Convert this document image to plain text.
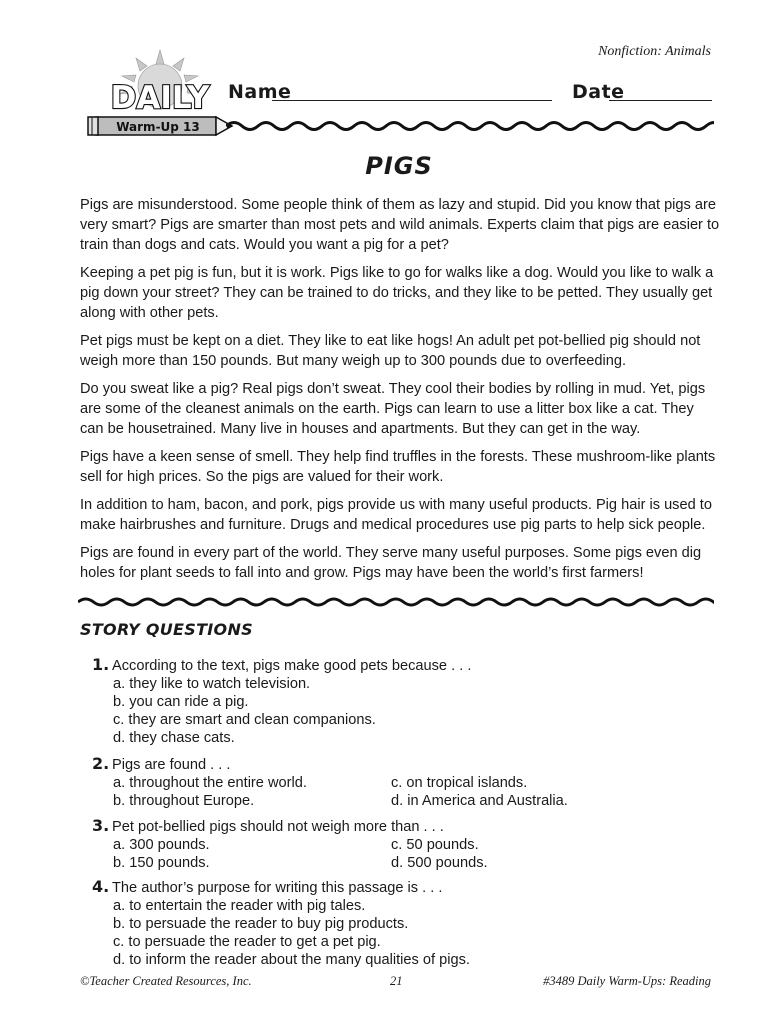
Nonfiction: Animals
DAILY
Warm-Up 13
Name	Date
PIGS

Pigs are misunderstood. Some people think of them as lazy and stupid. Did you know that pigs are very smart? Pigs are smarter than most pets and wild animals. Experts claim that pigs are easier to train than dogs and cats. Would you want a pig for a pet?

Keeping a pet pig is fun, but it is work. Pigs like to go for walks like a dog. Would you like to walk a pig down your street? They can be trained to do tricks, and they like to be petted. They usually get along with other pets.

Pet pigs must be kept on a diet. They like to eat like hogs! An adult pet pot-bellied pig should not weigh more than 150 pounds. But many weigh up to 300 pounds due to overfeeding.

Do you sweat like a pig? Real pigs don’t sweat. They cool their bodies by rolling in mud. Yet, pigs are some of the cleanest animals on the earth. Pigs can learn to use a litter box like a cat. They can be housetrained. Many live in houses and apartments. But they can get in the way.

Pigs have a keen sense of smell. They help find truffles in the forests. These mushroom-like plants sell for high prices. So the pigs are valued for their work.

In addition to ham, bacon, and pork, pigs provide us with many useful products. Pig hair is used to make hairbrushes and furniture. Drugs and medical procedures use pig parts to help sick people.

Pigs are found in every part of the world. They serve many useful purposes. Some pigs even dig holes for plant seeds to fall into and grow. Pigs may have been the world’s first farmers!

STORY QUESTIONS
1. According to the text, pigs make good pets because . . .
a. they like to watch television.
b. you can ride a pig.
c. they are smart and clean companions.
d. they chase cats.
2. Pigs are found . . .
a. throughout the entire world.	c. on tropical islands.
b. throughout Europe.	d. in America and Australia.
3. Pet pot-bellied pigs should not weigh more than . . .
a. 300 pounds.	c. 50 pounds.
b. 150 pounds.	d. 500 pounds.
4. The author’s purpose for writing this passage is . . .
a. to entertain the reader with pig tales.
b. to persuade the reader to buy pig products.
c. to persuade the reader to get a pet pig.
d. to inform the reader about the many qualities of pigs.
©Teacher Created Resources, Inc.	21	#3489 Daily Warm-Ups: Reading
